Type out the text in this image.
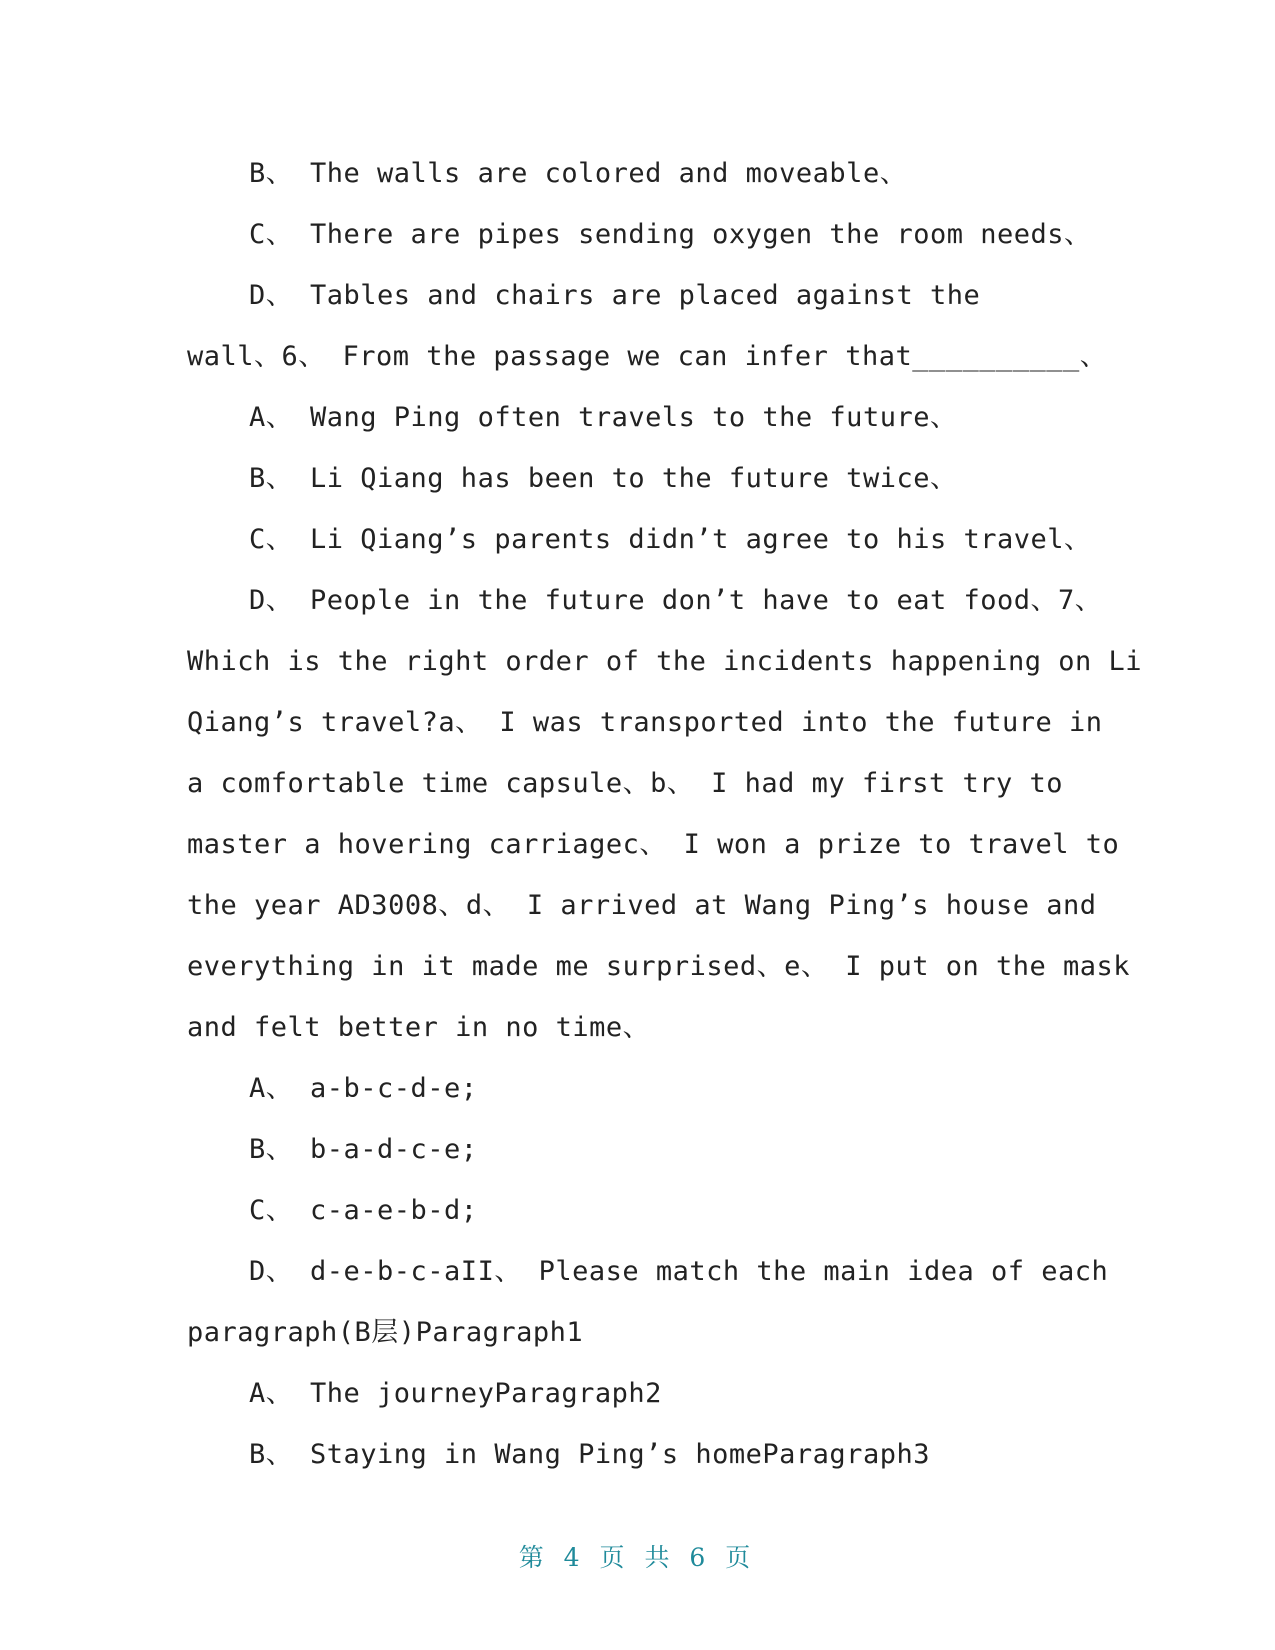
B、 The walls are colored and moveable、
C、 There are pipes sending oxygen the room needs、
D、 Tables and chairs are placed against the
wall、6、 From the passage we can infer that__________、
A、 Wang Ping often travels to the future、
B、 Li Qiang has been to the future twice、
C、 Li Qiang’s parents didn’t agree to his travel、
D、 People in the future don’t have to eat food、7、
Which is the right order of the incidents happening on Li
Qiang’s travel?a、 I was transported into the future in
a comfortable time capsule、b、 I had my first try to
master a hovering carriagec、 I won a prize to travel to
the year AD3008、d、 I arrived at Wang Ping’s house and
everything in it made me surprised、e、 I put on the mask
and felt better in no time、
A、 a-b-c-d-e;
B、 b-a-d-c-e;
C、 c-a-e-b-d;
D、 d-e-b-c-aII、 Please match the main idea of each
paragraph(B层)Paragraph1
A、 The journeyParagraph2
B、 Staying in Wang Ping’s homeParagraph3
第 4 页 共 6 页
